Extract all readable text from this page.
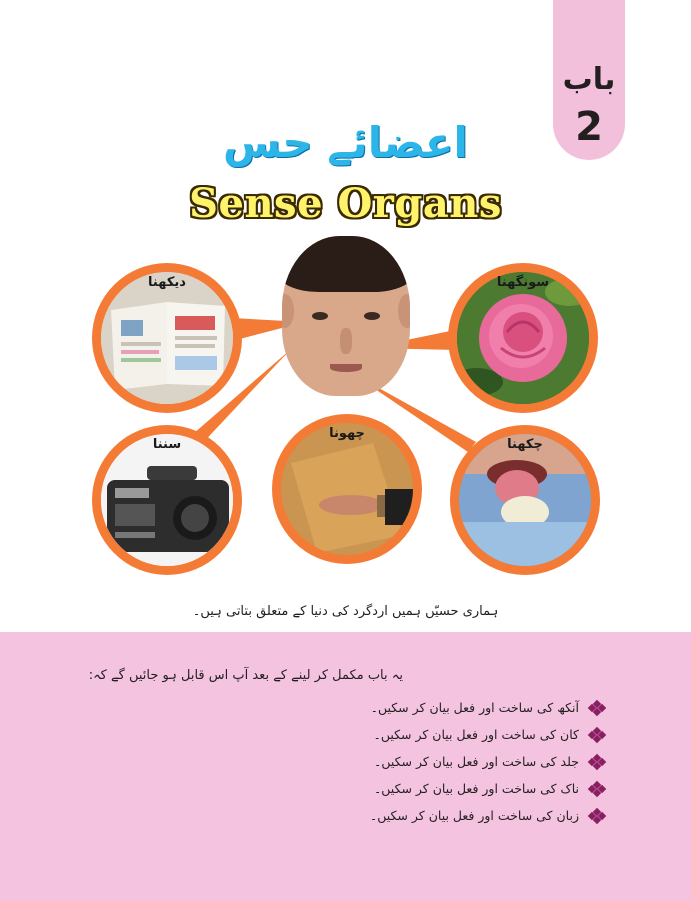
باب
2
اعضائے حس
Sense Organs
دیکھنا	سونگھنا
سننا
چھونا
چکھنا
ہماری حسیّں ہمیں اردگرد کی دنیا کے متعلق بتاتی ہیں۔
یہ باب مکمل کر لینے کے بعد آپ اس قابل ہو جائیں گے کہ:
آنکھ کی ساخت اور فعل بیان کر سکیں۔
کان کی ساخت اور فعل بیان کر سکیں۔
جلد کی ساخت اور فعل بیان کر سکیں۔
ناک کی ساخت اور فعل بیان کر سکیں۔
زبان کی ساخت اور فعل بیان کر سکیں۔
